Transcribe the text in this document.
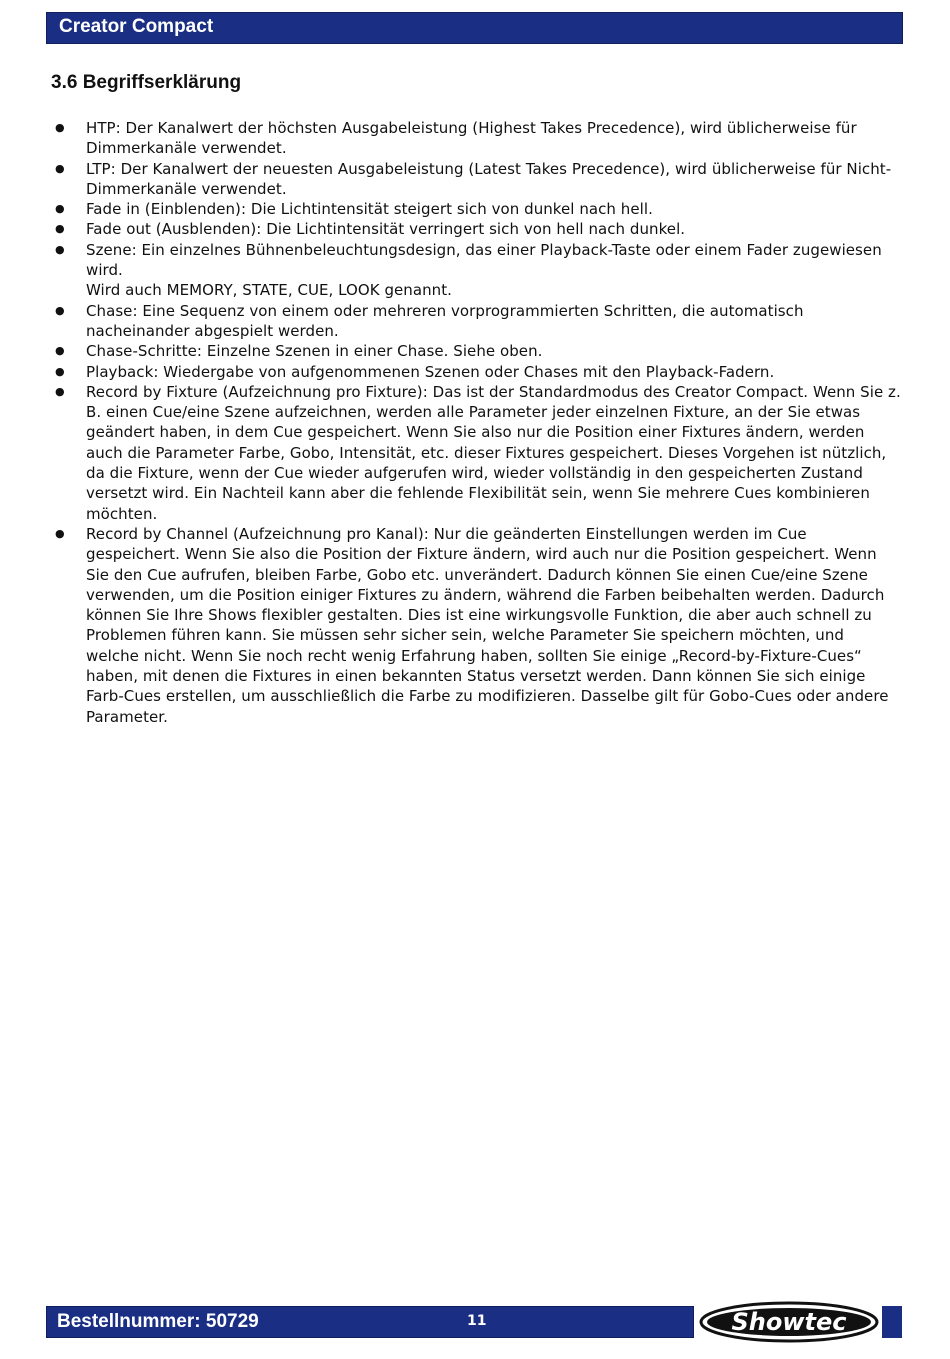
Creator Compact
3.6 Begriffserklärung
● HTP: Der Kanalwert der höchsten Ausgabeleistung (Highest Takes Precedence), wird üblicherweise für Dimmerkanäle verwendet.
● LTP: Der Kanalwert der neuesten Ausgabeleistung (Latest Takes Precedence), wird üblicherweise für Nicht-Dimmerkanäle verwendet.
● Fade in (Einblenden): Die Lichtintensität steigert sich von dunkel nach hell.
● Fade out (Ausblenden): Die Lichtintensität verringert sich von hell nach dunkel.
● Szene: Ein einzelnes Bühnenbeleuchtungsdesign, das einer Playback-Taste oder einem Fader zugewiesen wird.
Wird auch MEMORY, STATE, CUE, LOOK genannt.
● Chase: Eine Sequenz von einem oder mehreren vorprogrammierten Schritten, die automatisch nacheinander abgespielt werden.
● Chase-Schritte: Einzelne Szenen in einer Chase. Siehe oben.
● Playback: Wiedergabe von aufgenommenen Szenen oder Chases mit den Playback-Fadern.
● Record by Fixture (Aufzeichnung pro Fixture): Das ist der Standardmodus des Creator Compact. Wenn Sie z. B. einen Cue/eine Szene aufzeichnen, werden alle Parameter jeder einzelnen Fixture, an der Sie etwas geändert haben, in dem Cue gespeichert. Wenn Sie also nur die Position einer Fixtures ändern, werden auch die Parameter Farbe, Gobo, Intensität, etc. dieser Fixtures gespeichert. Dieses Vorgehen ist nützlich, da die Fixture, wenn der Cue wieder aufgerufen wird, wieder vollständig in den gespeicherten Zustand versetzt wird. Ein Nachteil kann aber die fehlende Flexibilität sein, wenn Sie mehrere Cues kombinieren möchten.
● Record by Channel (Aufzeichnung pro Kanal): Nur die geänderten Einstellungen werden im Cue gespeichert. Wenn Sie also die Position der Fixture ändern, wird auch nur die Position gespeichert. Wenn Sie den Cue aufrufen, bleiben Farbe, Gobo etc. unverändert. Dadurch können Sie einen Cue/eine Szene verwenden, um die Position einiger Fixtures zu ändern, während die Farben beibehalten werden. Dadurch können Sie Ihre Shows flexibler gestalten. Dies ist eine wirkungsvolle Funktion, die aber auch schnell zu Problemen führen kann. Sie müssen sehr sicher sein, welche Parameter Sie speichern möchten, und welche nicht. Wenn Sie noch recht wenig Erfahrung haben, sollten Sie einige „Record-by-Fixture-Cues“ haben, mit denen die Fixtures in einen bekannten Status versetzt werden. Dann können Sie sich einige Farb-Cues erstellen, um ausschließlich die Farbe zu modifizieren. Dasselbe gilt für Gobo-Cues oder andere Parameter.
Bestellnummer: 50729	11	Showtec
